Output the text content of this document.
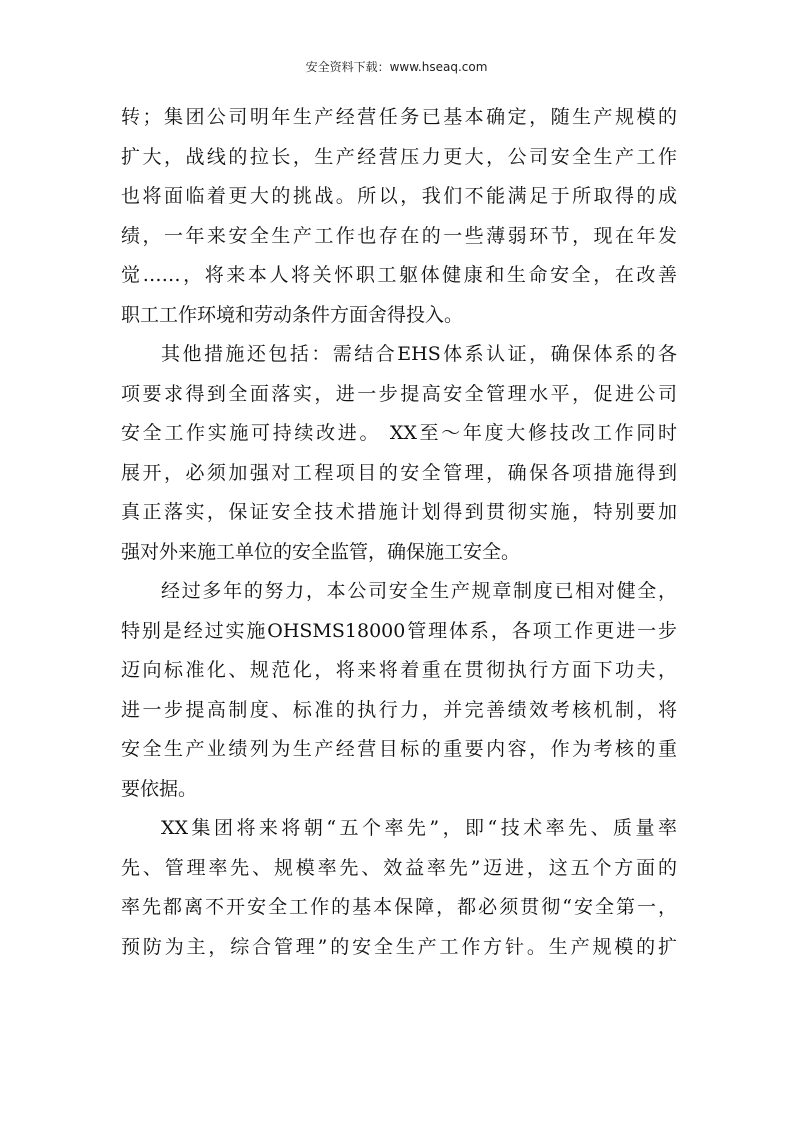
安全资料下载：www.hseaq.com
转；集团公司明年生产经营任务已基本确定，随生产规模的
扩大，战线的拉长，生产经营压力更大，公司安全生产工作
也将面临着更大的挑战。所以，我们不能满足于所取得的成
绩，一年来安全生产工作也存在的一些薄弱环节，现在年发
觉……，将来本人将关怀职工躯体健康和生命安全，在改善
职工工作环境和劳动条件方面舍得投入。
其他措施还包括：需结合EHS体系认证，确保体系的各
项要求得到全面落实，进一步提高安全管理水平，促进公司
安全工作实施可持续改进。 XX至～年度大修技改工作同时
展开，必须加强对工程项目的安全管理，确保各项措施得到
真正落实，保证安全技术措施计划得到贯彻实施，特别要加
强对外来施工单位的安全监管，确保施工安全。
经过多年的努力，本公司安全生产规章制度已相对健全，
特别是经过实施OHSMS18000管理体系，各项工作更进一步
迈向标准化、规范化，将来将着重在贯彻执行方面下功夫，
进一步提高制度、标准的执行力，并完善绩效考核机制，将
安全生产业绩列为生产经营目标的重要内容，作为考核的重
要依据。
XX集团将来将朝“五个率先”，即“技术率先、质量率
先、管理率先、规模率先、效益率先”迈进，这五个方面的
率先都离不开安全工作的基本保障，都必须贯彻“安全第一，
预防为主，综合管理”的安全生产工作方针。生产规模的扩
